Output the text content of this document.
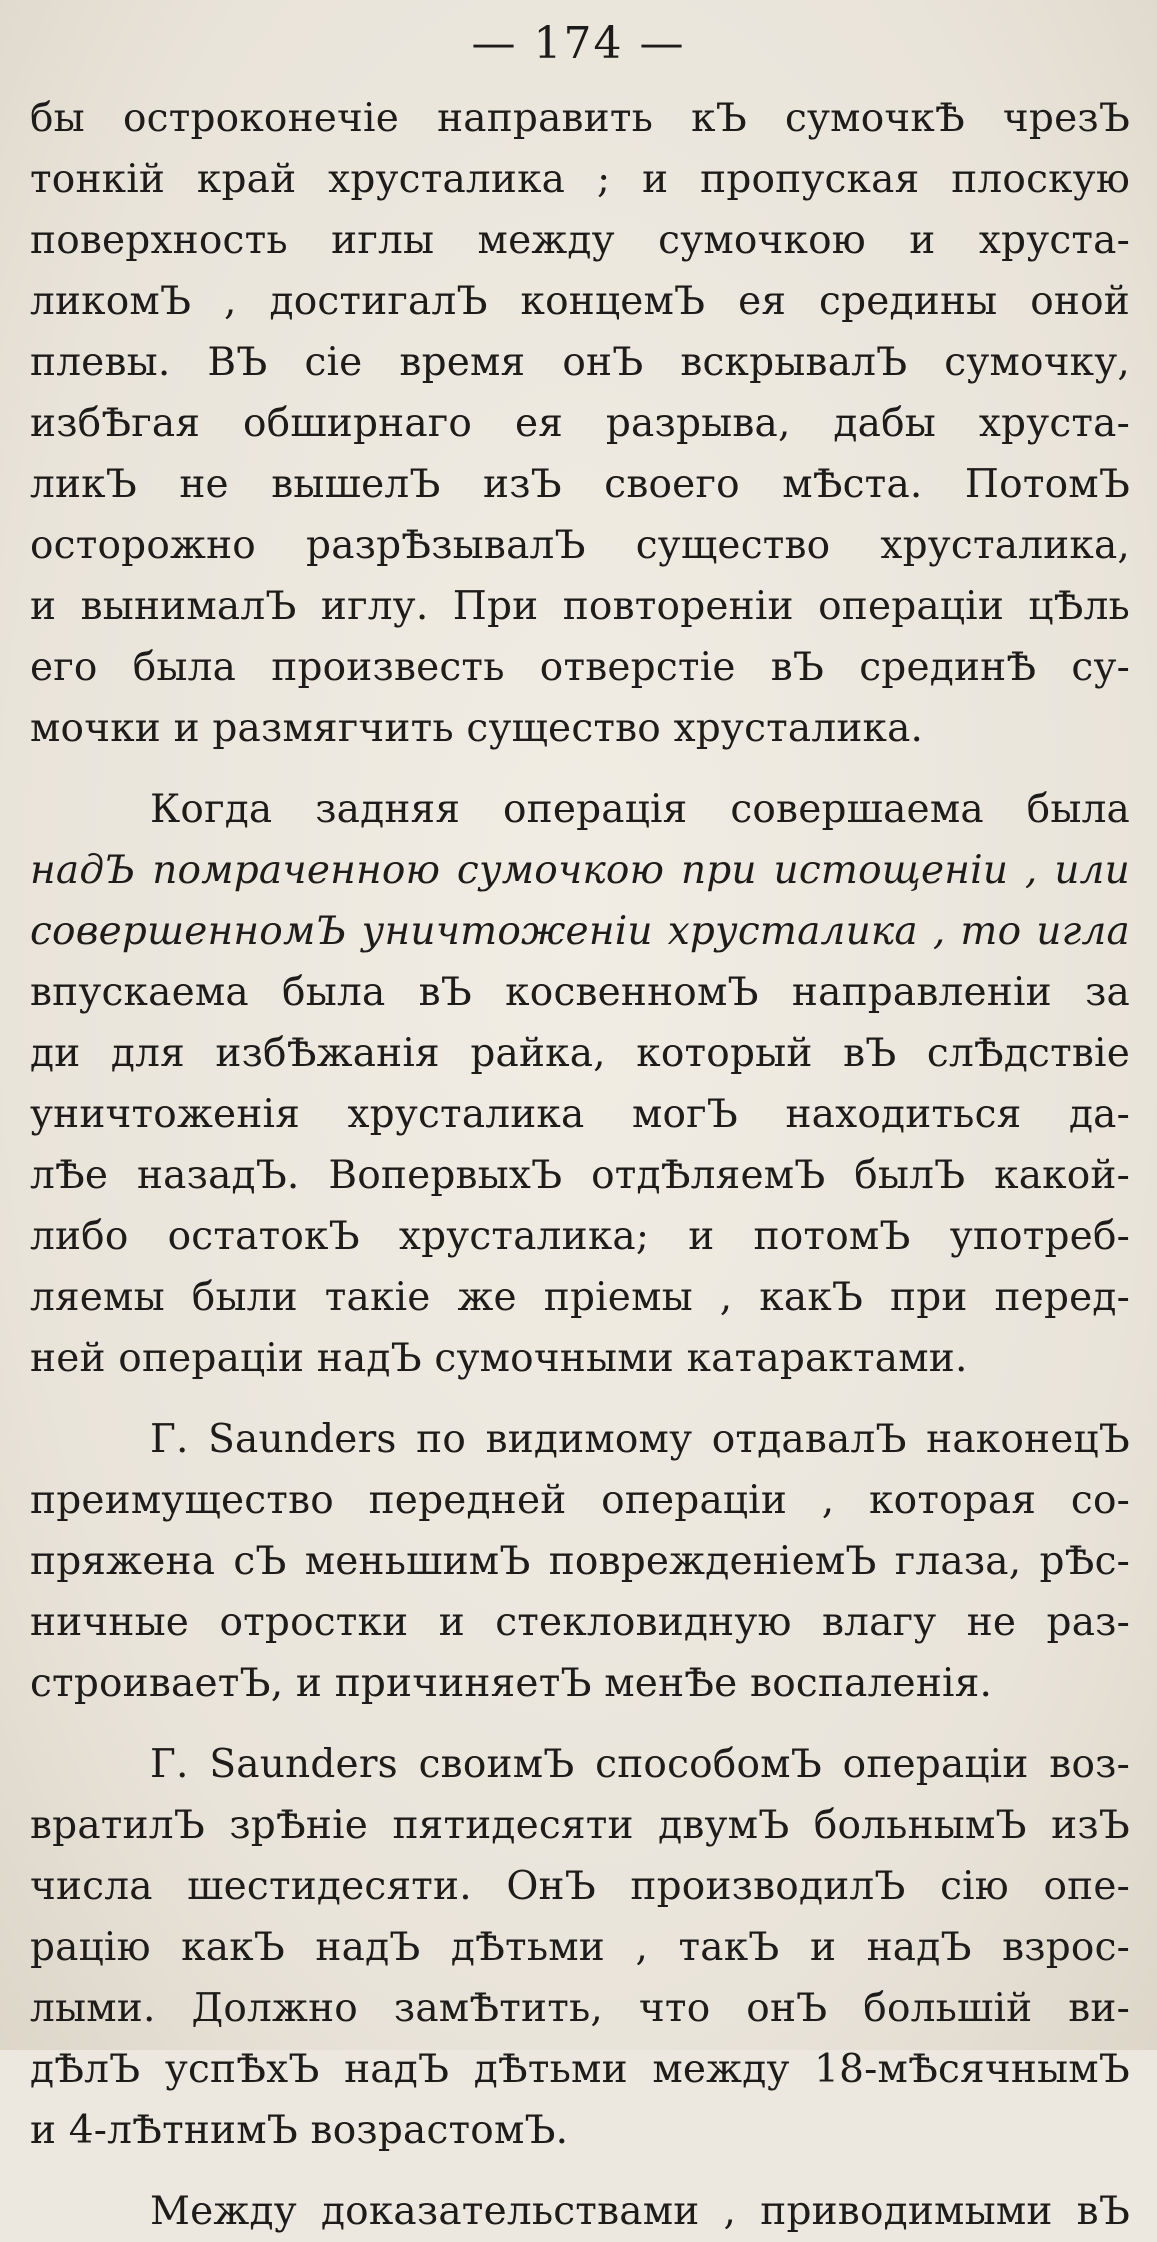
— 174 —
бы остроконечіе направить кЪ сумочкѢ чрезЪ
тонкій край хрусталика ; и пропуская плоскую
поверхность иглы между сумочкою и хруста-
ликомЪ , достигалЪ концемЪ ея средины оной
плевы. ВЪ сіе время онЪ вскрывалЪ сумочку,
избѢгая обширнаго ея разрыва, дабы хруста-
ликЪ не вышелЪ изЪ своего мѢста. ПотомЪ
осторожно разрѢзывалЪ существо хрусталика,
и вынималЪ иглу. При повтореніи операціи цѢль
его была произвесть отверстіе вЪ срединѢ су-
мочки и размягчить существо хрусталика.
Когда задняя операція совершаема была
надЪ помраченною сумочкою при истощеніи , или
совершенномЪ уничтоженіи хрусталика , то игла
впускаема была вЪ косвенномЪ направленіи за
ди для избѢжанія райка, который вЪ слѢдствіе
уничтоженія хрусталика могЪ находиться да-
лѢе назадЪ. ВопервыхЪ отдѢляемЪ былЪ какой-
либо остатокЪ хрусталика; и потомЪ употреб-
ляемы были такіе же пріемы , какЪ при перед-
ней операціи надЪ сумочными катарактами.
Г. Saunders по видимому отдавалЪ наконецЪ
преимущество передней операціи , которая со-
пряжена сЪ меньшимЪ поврежденіемЪ глаза, рѢс-
ничные отростки и стекловидную влагу не раз-
строиваетЪ, и причиняетЪ менѢе воспаленія.
Г. Saunders своимЪ способомЪ операціи воз-
вратилЪ зрѢніе пятидесяти двумЪ больнымЪ изЪ
числа шестидесяти. ОнЪ производилЪ сію опе-
рацію какЪ надЪ дѢтьми , такЪ и надЪ взрос-
лыми. Должно замѢтить, что онЪ большій ви-
дѢлЪ успѢхЪ надЪ дѢтьми между 18-мѢсячнымЪ
и 4-лѢтнимЪ возрастомЪ.
Между доказательствами , приводимыми вЪ
